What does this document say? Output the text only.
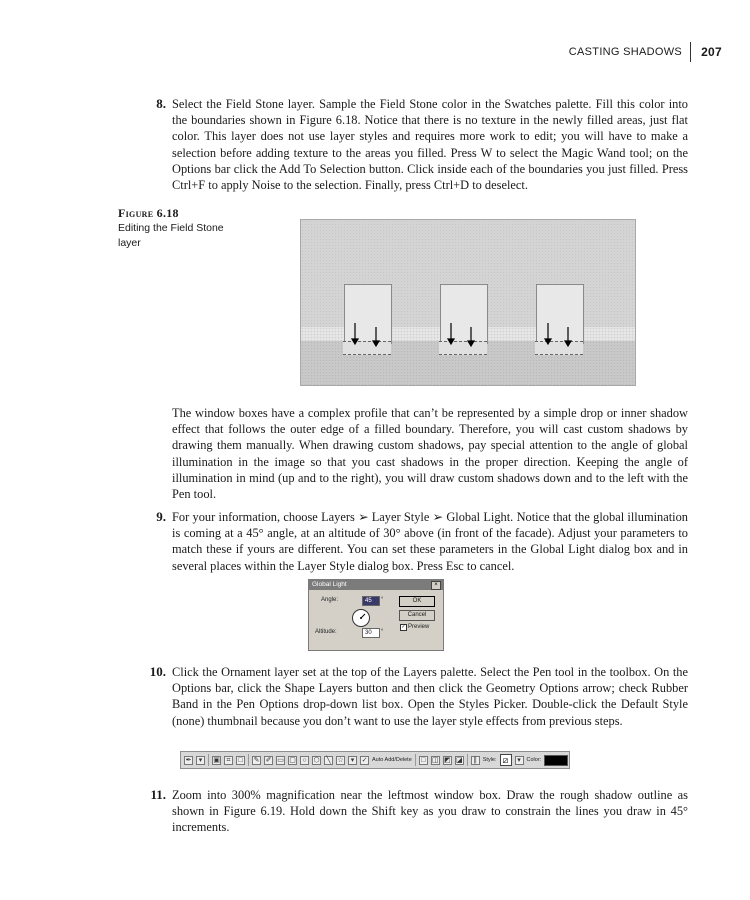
CASTING SHADOWS	207
8. Select the Field Stone layer. Sample the Field Stone color in the Swatches palette. Fill this color into the boundaries shown in Figure 6.18. Notice that there is no texture in the newly filled areas, just flat color. This layer does not use layer styles and requires more work to edit; you will have to make a selection before adding texture to the areas you filled. Press W to select the Magic Wand tool; on the Options bar click the Add To Selection button. Click inside each of the boundaries you just filled. Press Ctrl+F to apply Noise to the selection. Finally, press Ctrl+D to deselect.
Figure 6.18
Editing the Field Stone layer
The window boxes have a complex profile that can’t be represented by a simple drop or inner shadow effect that follows the outer edge of a filled boundary. Therefore, you will cast custom shadows by drawing them manually. When drawing custom shadows, pay special attention to the angle of global illumination in the image so that you cast shadows in the proper direction. Keeping the angle of illumination in mind (up and to the right), you will draw custom shadows down and to the left with the Pen tool.
9. For your information, choose Layers ➢ Layer Style ➢ Global Light. Notice that the global illumination is coming at a 45° angle, at an altitude of 30° above (in front of the facade). Adjust your parameters to match these if yours are different. You can set these parameters in the Global Light dialog box and in several places within the Layer Style dialog box. Press Esc to cancel.
Global Light	×
Angle:	45	°
Altitude:	30	°
OK
Cancel
✓ Preview
10. Click the Ornament layer set at the top of the Layers palette. Select the Pen tool in the toolbox. On the Options bar, click the Shape Layers button and then click the Geometry Options arrow; check Rubber Band in the Pen Options drop-down list box. Open the Styles Picker. Double-click the Default Style (none) thumbnail because you don’t want to use the layer style effects from previous steps.
✒	▾	▣ ⌗	□	✎ ✐ ▭ ▢ ○ ⬡ ╲ ☆	▾	✓ Auto Add/Delete	□ ◫ ◩ ◪	∥	Style: ⧄	▾	Color:
11. Zoom into 300% magnification near the leftmost window box. Draw the rough shadow outline as shown in Figure 6.19. Hold down the Shift key as you draw to constrain the lines you draw in 45° increments.
